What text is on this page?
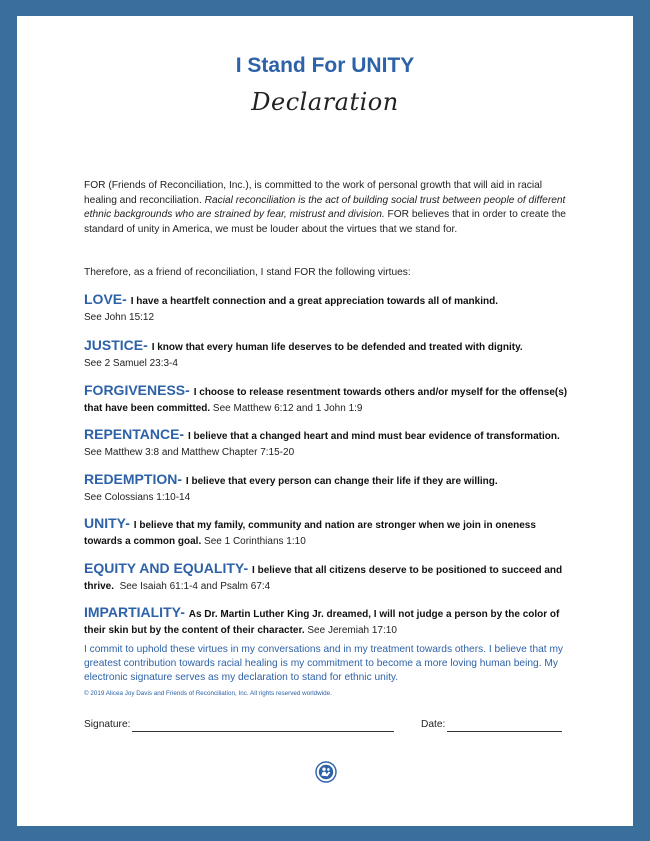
I Stand For UNITY
Declaration

FOR (Friends of Reconciliation, Inc.), is committed to the work of personal growth that will aid in racial healing and reconciliation. Racial reconciliation is the act of building social trust between people of different ethnic backgrounds who are strained by fear, mistrust and division. FOR believes that in order to create the standard of unity in America, we must be louder about the virtues that we stand for.

Therefore, as a friend of reconciliation, I stand FOR the following virtues:

LOVE- I have a heartfelt connection and a great appreciation towards all of mankind.
See John 15:12

JUSTICE- I know that every human life deserves to be defended and treated with dignity.
See 2 Samuel 23:3-4

FORGIVENESS- I choose to release resentment towards others and/or myself for the offense(s) that have been committed. See Matthew 6:12 and 1 John 1:9

REPENTANCE- I believe that a changed heart and mind must bear evidence of transformation.
See Matthew 3:8 and Matthew Chapter 7:15-20

REDEMPTION- I believe that every person can change their life if they are willing.
See Colossians 1:10-14

UNITY- I believe that my family, community and nation are stronger when we join in oneness towards a common goal. See 1 Corinthians 1:10

EQUITY AND EQUALITY- I believe that all citizens deserve to be positioned to succeed and thrive. See Isaiah 61:1-4 and Psalm 67:4

IMPARTIALITY- As Dr. Martin Luther King Jr. dreamed, I will not judge a person by the color of their skin but by the content of their character. See Jeremiah 17:10

I commit to uphold these virtues in my conversations and in my treatment towards others. I believe that my greatest contribution towards racial healing is my commitment to become a more loving human being. My electronic signature serves as my declaration to stand for ethnic unity.

© 2019 Alicea Joy Davis and Friends of Reconciliation, Inc. All rights reserved worldwide.
Signature:	Date:
